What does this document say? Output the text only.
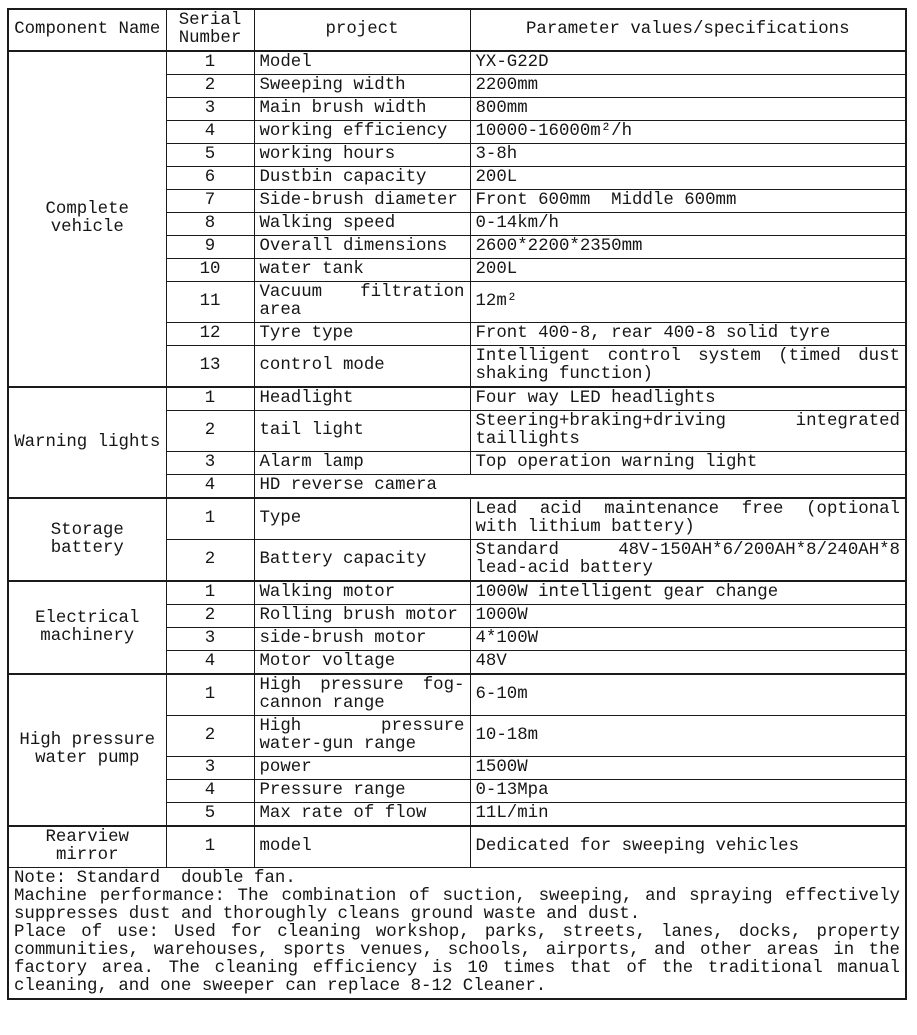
Component Name	Serial Number	project	Parameter values/specifications
Complete vehicle	1	Model	YX-G22D
	2	Sweeping width	2200mm
	3	Main brush width	800mm
	4	working efficiency	10000-16000m²/h
	5	working hours	3-8h
	6	Dustbin capacity	200L
	7	Side-brush diameter	Front 600mm  Middle 600mm
	8	Walking speed	0-14km/h
	9	Overall dimensions	2600*2200*2350mm
	10	water tank	200L
	11	Vacuum filtration area	12m²
	12	Tyre type	Front 400-8, rear 400-8 solid tyre
	13	control mode	Intelligent control system (timed dust shaking function)
Warning lights	1	Headlight	Four way LED headlights
	2	tail light	Steering+braking+driving integrated taillights
	3	Alarm lamp	Top operation warning light
	4	HD reverse camera	
Storage battery	1	Type	Lead acid maintenance free (optional with lithium battery)
	2	Battery capacity	Standard 48V-150AH*6/200AH*8/240AH*8 lead-acid battery
Electrical machinery	1	Walking motor	1000W intelligent gear change
	2	Rolling brush motor	1000W
	3	side-brush motor	4*100W
	4	Motor voltage	48V
High pressure water pump	1	High pressure fog-cannon range	6-10m
	2	High pressure water-gun range	10-18m
	3	power	1500W
	4	Pressure range	0-13Mpa
	5	Max rate of flow	11L/min
Rearview mirror	1	model	Dedicated for sweeping vehicles

Note: Standard  double fan.
Machine performance: The combination of suction, sweeping, and spraying effectively suppresses dust and thoroughly cleans ground waste and dust.
Place of use: Used for cleaning workshop, parks, streets, lanes, docks, property communities, warehouses, sports venues, schools, airports, and other areas in the factory area. The cleaning efficiency is 10 times that of the traditional manual cleaning, and one sweeper can replace 8-12 Cleaner.			
